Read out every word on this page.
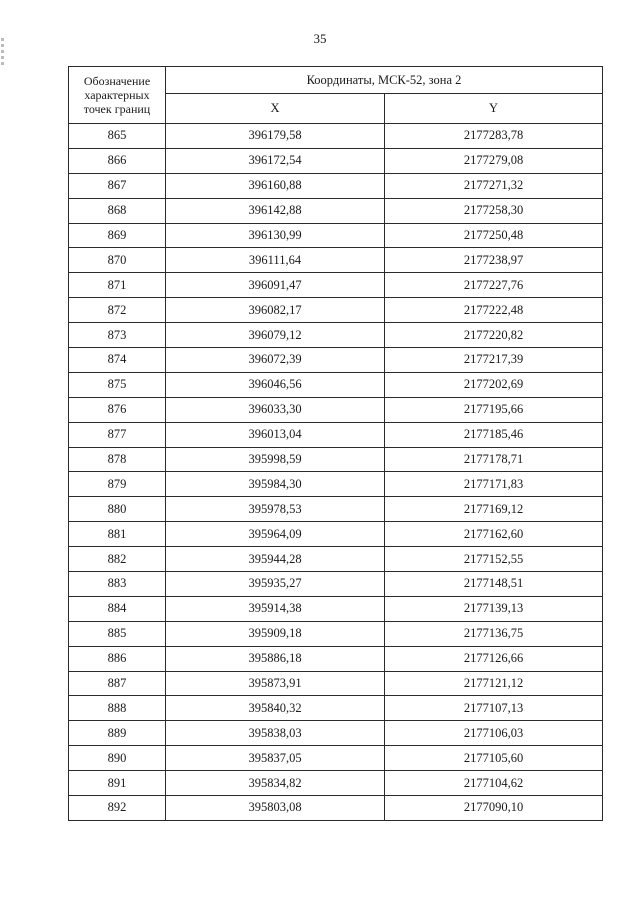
35
Обозначение характерных точек границ	Координаты, МСК-52, зона 2	
	X	Y
865	396179,58	2177283,78
866	396172,54	2177279,08
867	396160,88	2177271,32
868	396142,88	2177258,30
869	396130,99	2177250,48
870	396111,64	2177238,97
871	396091,47	2177227,76
872	396082,17	2177222,48
873	396079,12	2177220,82
874	396072,39	2177217,39
875	396046,56	2177202,69
876	396033,30	2177195,66
877	396013,04	2177185,46
878	395998,59	2177178,71
879	395984,30	2177171,83
880	395978,53	2177169,12
881	395964,09	2177162,60
882	395944,28	2177152,55
883	395935,27	2177148,51
884	395914,38	2177139,13
885	395909,18	2177136,75
886	395886,18	2177126,66
887	395873,91	2177121,12
888	395840,32	2177107,13
889	395838,03	2177106,03
890	395837,05	2177105,60
891	395834,82	2177104,62
892	395803,08	2177090,10
